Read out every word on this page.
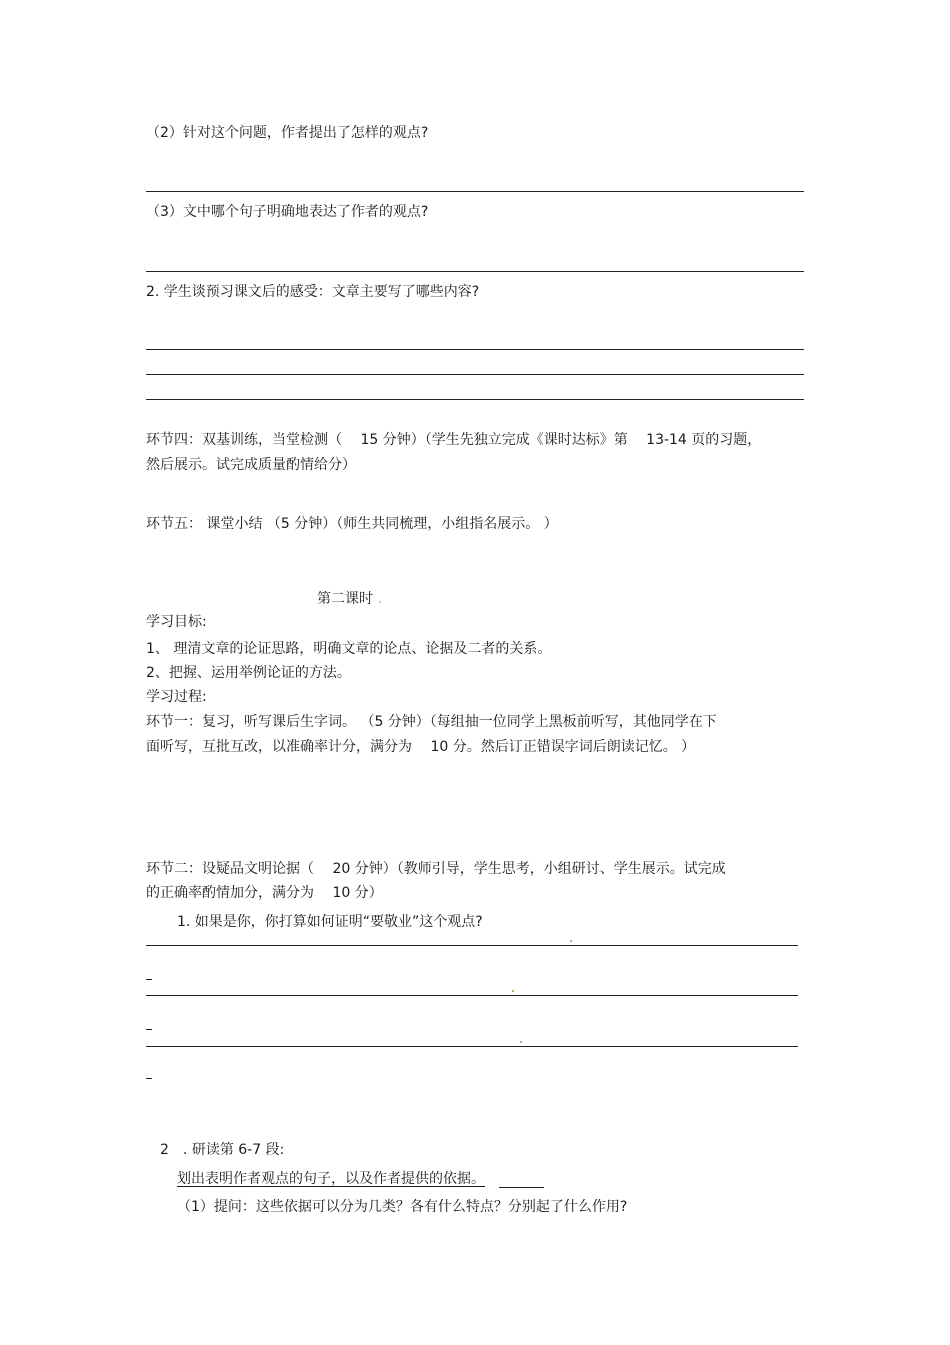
（2）针对这个问题，作者提出了怎样的观点?
（3）文中哪个句子明确地表达了作者的观点?
2. 学生谈预习课文后的感受：文章主要写了哪些内容?
环节四：双基训练，当堂检测（　 15 分钟）（学生先独立完成《课时达标》第　 13-14 页的习题，
然后展示。试完成质量酌情给分）
环节五： 课堂小结 （5 分钟）（师生共同梳理，小组指名展示。 ）
第二课时 .
学习目标:
1、 理清文章的论证思路，明确文章的论点、论据及二者的关系。
2、把握、运用举例论证的方法。
学习过程:
环节一：复习，听写课后生字词。 （5 分钟）（每组抽一位同学上黑板前听写，其他同学在下
面听写，互批互改，以准确率计分，满分为　 10 分。然后订正错误字词后朗读记忆。 ）
环节二：设疑品文明论据（　 20 分钟）（教师引导，学生思考，小组研讨、学生展示。试完成
的正确率酌情加分，满分为　 10 分）
1. 如果是你，你打算如何证明“要敬业”这个观点?
2 . 研读第 6-7 段:
划出表明作者观点的句子，以及作者提供的依据。
（1）提问：这些依据可以分为几类？各有什么特点？分别起了什么作用?
